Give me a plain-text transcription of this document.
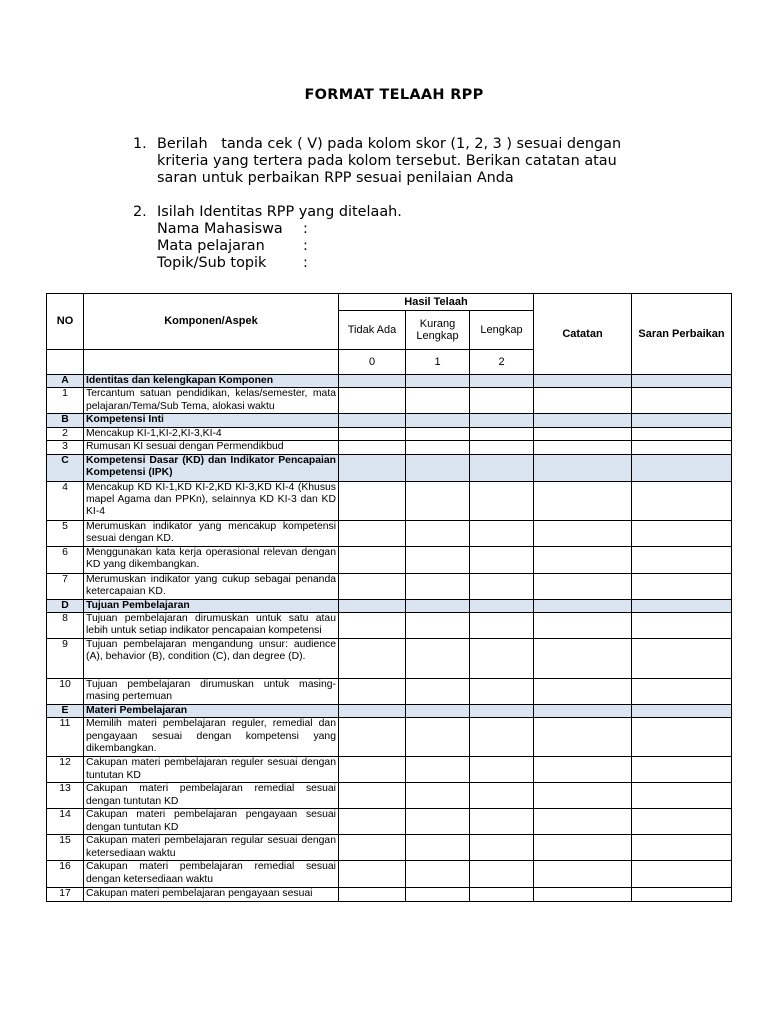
FORMAT TELAAH RPP
1. Berilah   tanda cek ( V) pada kolom skor (1, 2, 3 ) sesuai dengan
kriteria yang tertera pada kolom tersebut. Berikan catatan atau
saran untuk perbaikan RPP sesuai penilaian Anda
2. Isilah Identitas RPP yang ditelaah.
Nama Mahasiswa	:
Mata pelajaran	:
Topik/Sub topik	:
NO	Komponen/Aspek	Hasil Telaah			Catatan	Saran Perbaikan
		Tidak Ada	Kurang Lengkap	Lengkap		
		0	1	2		
A	Identitas dan kelengkapan Komponen					
1	Tercantum satuan pendidikan, kelas/semester, mata pelajaran/Tema/Sub Tema, alokasi waktu					
B	Kompetensi Inti					
2	Mencakup KI-1,KI-2,KI-3,KI-4					
3	Rumusan KI sesuai dengan Permendikbud					
C	Kompetensi Dasar (KD) dan Indikator Pencapaian Kompetensi (IPK)					
4	Mencakup KD KI-1,KD KI-2,KD KI-3,KD KI-4 (Khusus mapel Agama dan PPKn), selainnya KD KI-3 dan KD KI-4					
5	Merumuskan indikator yang mencakup kompetensi sesuai dengan KD.					
6	Menggunakan kata kerja operasional relevan dengan KD yang dikembangkan.					
7	Merumuskan indikator yang cukup sebagai penanda ketercapaian KD.					
D	Tujuan Pembelajaran					
8	Tujuan pembelajaran dirumuskan untuk satu atau lebih untuk setiap indikator pencapaian kompetensi					
9	Tujuan pembelajaran mengandung unsur: audience (A), behavior (B), condition (C), dan degree (D).					
10	Tujuan pembelajaran dirumuskan untuk masing-masing pertemuan					
E	Materi Pembelajaran					
11	Memilih materi pembelajaran reguler, remedial dan pengayaan sesuai dengan kompetensi yang dikembangkan.					
12	Cakupan materi pembelajaran reguler sesuai dengan tuntutan KD					
13	Cakupan materi pembelajaran remedial sesuai dengan tuntutan KD					
14	Cakupan materi pembelajaran pengayaan sesuai dengan tuntutan KD					
15	Cakupan materi pembelajaran regular sesuai dengan ketersediaan waktu					
16	Cakupan materi pembelajaran remedial sesuai dengan ketersediaan waktu					
17	Cakupan materi pembelajaran pengayaan sesuai					
